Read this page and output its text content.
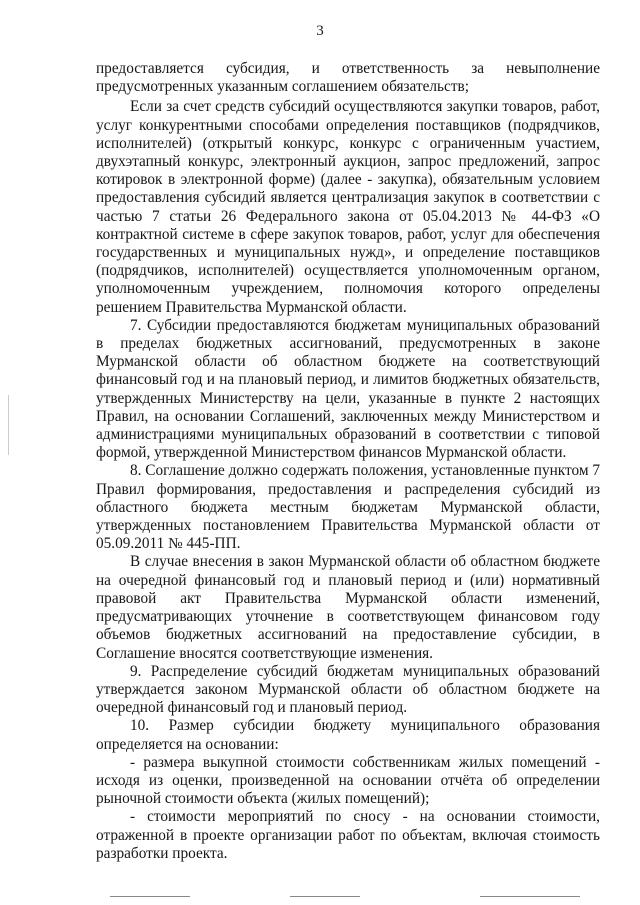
3

предоставляется субсидия, и ответственность за невыполнение предусмотренных указанным соглашением обязательств;

Если за счет средств субсидий осуществляются закупки товаров, работ, услуг конкурентными способами определения поставщиков (подрядчиков, исполнителей) (открытый конкурс, конкурс с ограниченным участием, двухэтапный конкурс, электронный аукцион, запрос предложений, запрос котировок в электронной форме) (далее - закупка), обязательным условием предоставления субсидий является централизация закупок в соответствии с частью 7 статьи 26 Федерального закона от 05.04.2013 № 44-ФЗ «О контрактной системе в сфере закупок товаров, работ, услуг для обеспечения государственных и муниципальных нужд», и определение поставщиков (подрядчиков, исполнителей) осуществляется уполномоченным органом, уполномоченным учреждением, полномочия которого определены решением Правительства Мурманской области.

7. Субсидии предоставляются бюджетам муниципальных образований в пределах бюджетных ассигнований, предусмотренных в законе Мурманской области об областном бюджете на соответствующий финансовый год и на плановый период, и лимитов бюджетных обязательств, утвержденных Министерству на цели, указанные в пункте 2 настоящих Правил, на основании Соглашений, заключенных между Министерством и администрациями муниципальных образований в соответствии с типовой формой, утвержденной Министерством финансов Мурманской области.

8. Соглашение должно содержать положения, установленные пунктом 7 Правил формирования, предоставления и распределения субсидий из областного бюджета местным бюджетам Мурманской области, утвержденных постановлением Правительства Мурманской области от 05.09.2011 № 445-ПП.

В случае внесения в закон Мурманской области об областном бюджете на очередной финансовый год и плановый период и (или) нормативный правовой акт Правительства Мурманской области изменений, предусматривающих уточнение в соответствующем финансовом году объемов бюджетных ассигнований на предоставление субсидии, в Соглашение вносятся соответствующие изменения.

9. Распределение субсидий бюджетам муниципальных образований утверждается законом Мурманской области об областном бюджете на очередной финансовый год и плановый период.

10. Размер субсидии бюджету муниципального образования определяется на основании:

- размера выкупной стоимости собственникам жилых помещений - исходя из оценки, произведенной на основании отчёта об определении рыночной стоимости объекта (жилых помещений);

- стоимости мероприятий по сносу - на основании стоимости, отраженной в проекте организации работ по объектам, включая стоимость разработки проекта.
